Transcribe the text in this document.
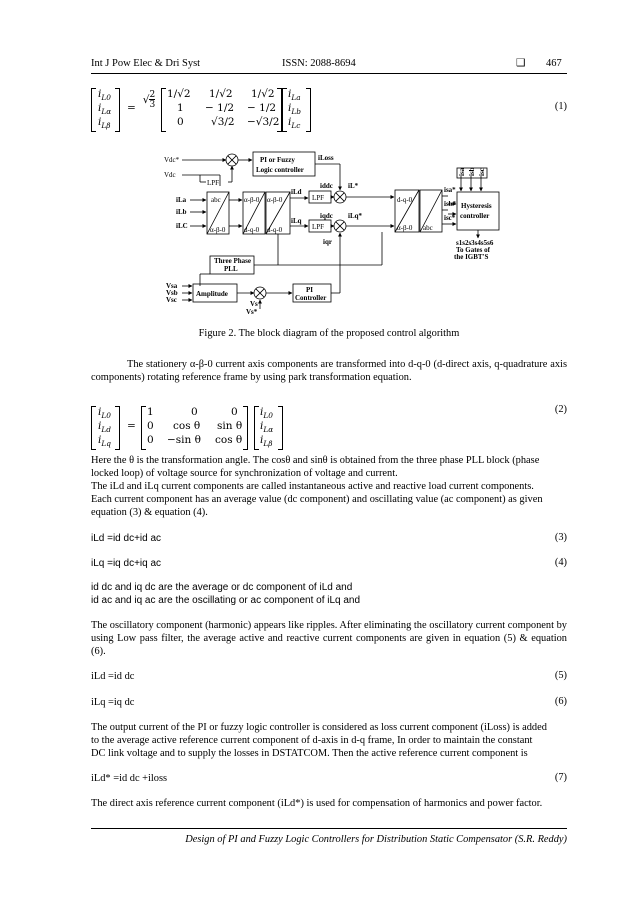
Int J Pow Elec & Dri Syst	ISSN: 2088-8694	❑ 467
$i_{L0}$
$i_{L\alpha}$
$i_{L\beta}$
=
√2
3
1/√2 1/√2 1/√2
1 − 1/2 − 1/2
0	√3/2 −√3/2
$i_{La}$
$i_{Lb}$
$i_{Lc}$
(1)
Vdc*
Vdc
LPF
PI or Fuzzy
Logic controller
iLoss
iLa
iLb
iLC
abc	α-β-0
α-β-0	d-q-0
α-β-0
d-q-0
iLd
iLq
LPF
LPF
iddc
iqdc
iL*
iLq*
iqr
d-q-0
α-β-0 abc
isa*
isb*
isc*
isa isb isc
Hysteresis
controller
s1s2s3s4s5s6
To Gates of
the IGBT'S
Three Phase
PLL
Vsa
Vsb
Vsc
Amplitude
Vs
Vs*
PI
Controller
Figure 2. The block diagram of the proposed control algorithm
The stationery α-β-0 current axis components are transformed into d-q-0 (d-direct axis, q-quadrature axis components) rotating reference frame by using park transformation equation.
$i_{L0}$
$i_{Ld}$
$i_{Lq}$
=
1	0	0
0 cos θ sin θ
0 −sin θ cos θ
$i_{L0}$
$i_{L\alpha}$
$i_{L\beta}$
(2)
Here the θ is the transformation angle. The cosθ and sinθ is obtained from the three phase PLL block (phase
locked loop) of voltage source for synchronization of voltage and current.
The iLd and iLq current components are called instantaneous active and reactive load current components.
Each current component has an average value (dc component) and oscillating value (ac component) as given
equation (3) & equation (4).
iLd =id dc+id ac	(3)
iLq =iq dc+iq ac	(4)
id dc and iq dc are the average or dc component of iLd and
id ac and iq ac are the oscillating or ac component of iLq and
The oscillatory component (harmonic) appears like ripples. After eliminating the oscillatory current component by using Low pass filter, the average active and reactive current components are given in equation (5) & equation (6).
iLd =id dc	(5)
iLq =iq dc	(6)
The output current of the PI or fuzzy logic controller is considered as loss current component (iLoss) is added
to the average active reference current component of d-axis in d-q frame, In order to maintain the constant
DC link voltage and to supply the losses in DSTATCOM. Then the active reference current component is
iLd* =id dc +iloss	(7)
The direct axis reference current component (iLd*) is used for compensation of harmonics and power factor.
Design of PI and Fuzzy Logic Controllers for Distribution Static Compensator (S.R. Reddy)
